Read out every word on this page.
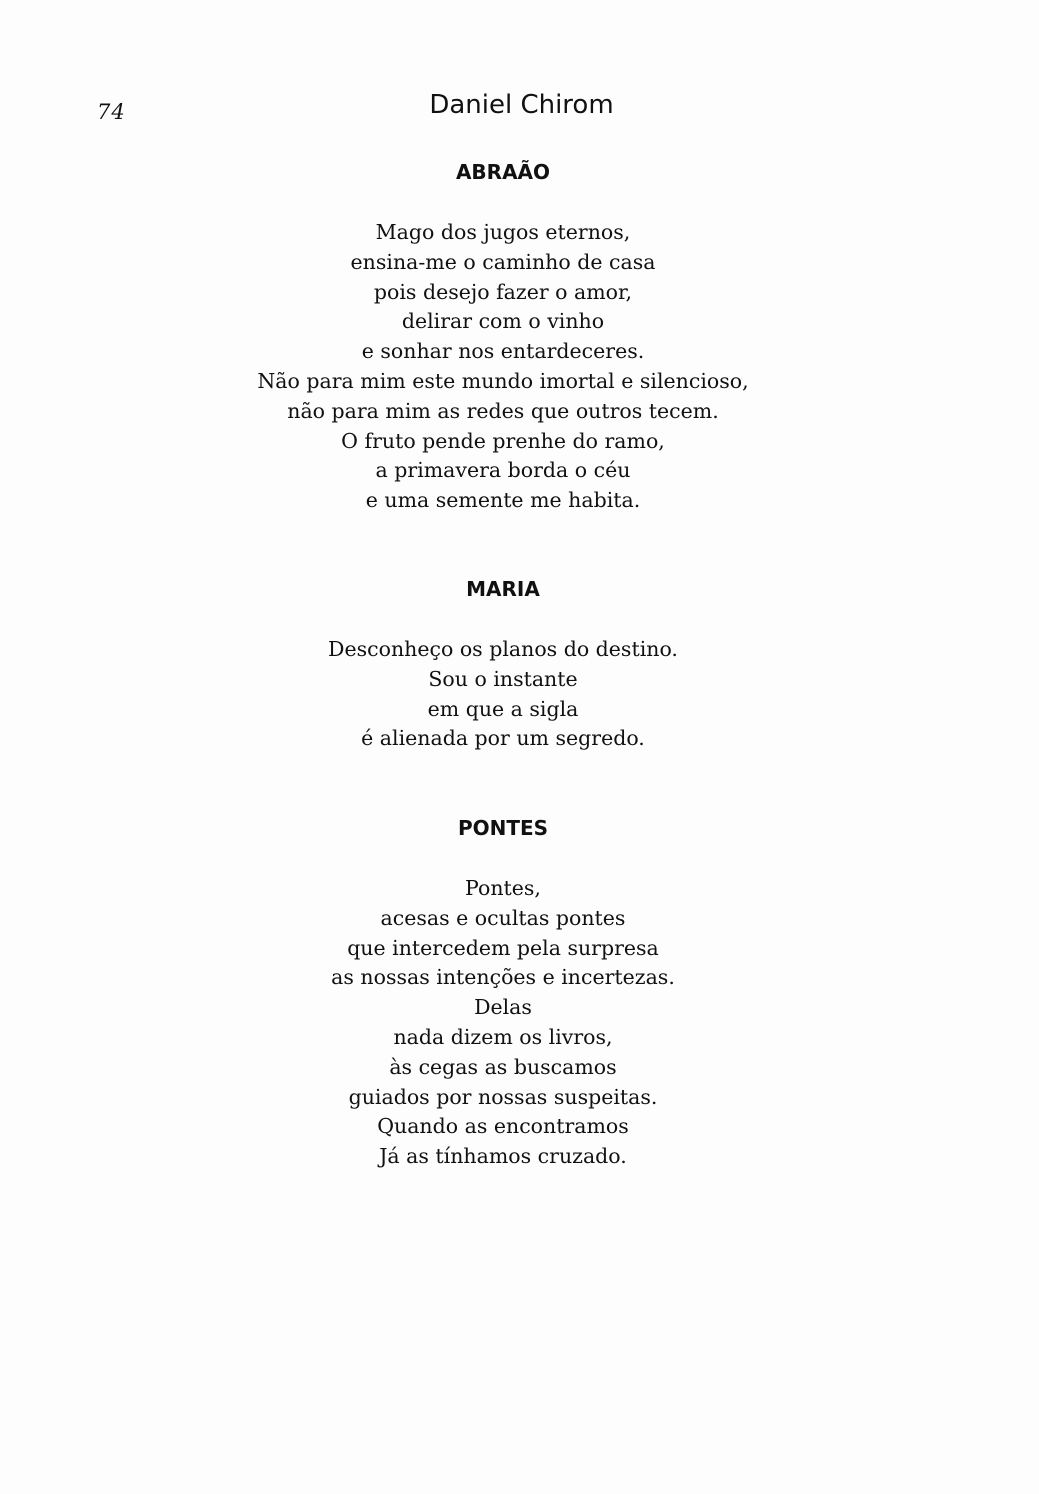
74	Daniel Chirom
ABRAÃO
Mago dos jugos eternos,
ensina-me o caminho de casa
pois desejo fazer o amor,
delirar com o vinho
e sonhar nos entardeceres.
Não para mim este mundo imortal e silencioso,
não para mim as redes que outros tecem.
O fruto pende prenhe do ramo,
a primavera borda o céu
e uma semente me habita.
MARIA
Desconheço os planos do destino.
Sou o instante
em que a sigla
é alienada por um segredo.
PONTES
Pontes,
acesas e ocultas pontes
que intercedem pela surpresa
as nossas intenções e incertezas.
Delas
nada dizem os livros,
às cegas as buscamos
guiados por nossas suspeitas.
Quando as encontramos
Já as tínhamos cruzado.
